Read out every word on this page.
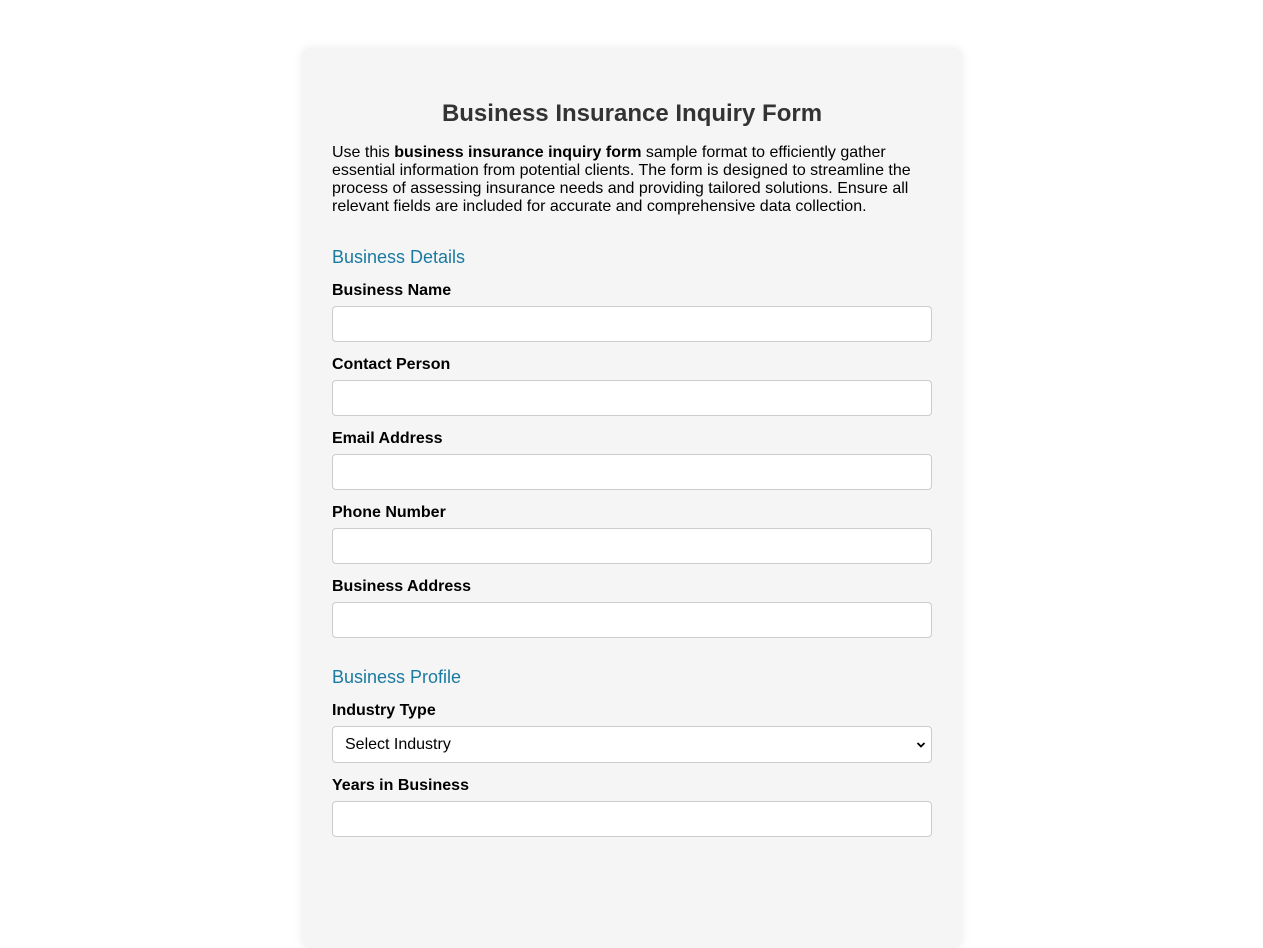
Business Insurance Inquiry Form

Use this business insurance inquiry form sample format to efficiently gather essential information from potential clients. The form is designed to streamline the process of assessing insurance needs and providing tailored solutions. Ensure all relevant fields are included for accurate and comprehensive data collection.

Business Details
Business Name
Contact Person
Email Address
Phone Number
Business Address
Business Profile
Industry Type
Select Industry
Years in Business
